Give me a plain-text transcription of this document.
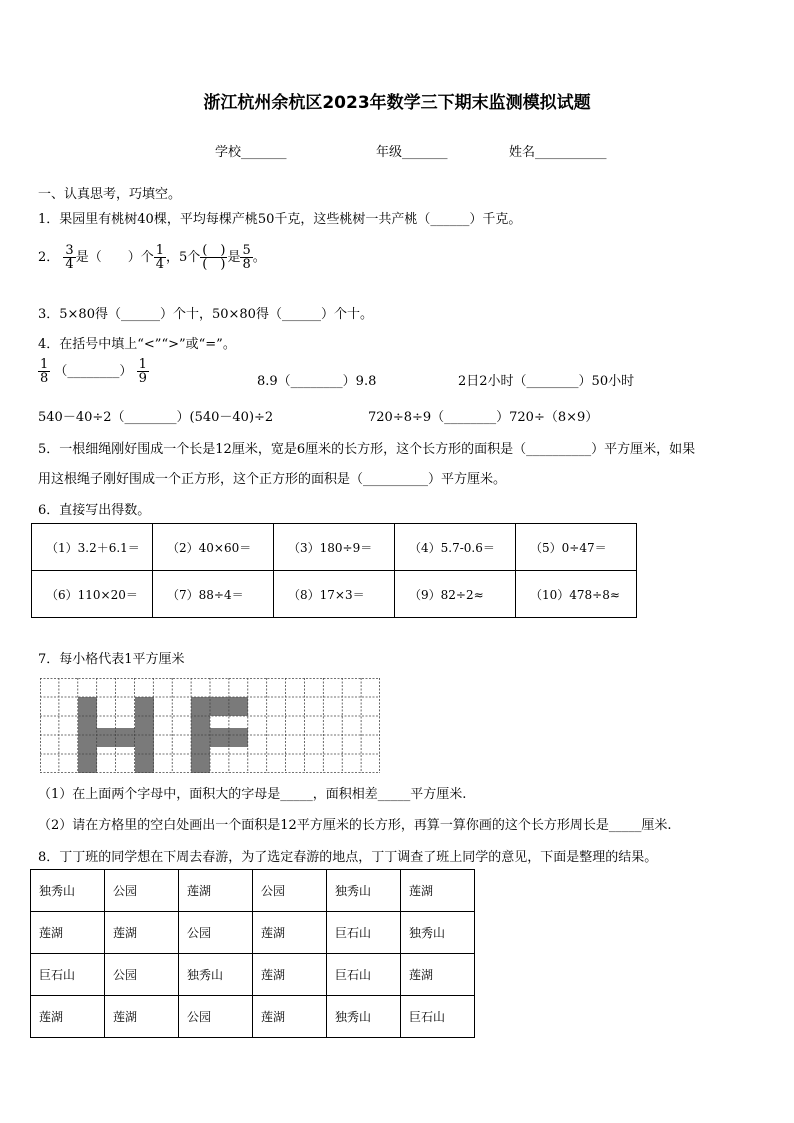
浙江杭州余杭区2023年数学三下期末监测模拟试题
学校_______	年级_______	姓名___________
一、认真思考，巧填空。
1．果园里有桃树40棵，平均每棵产桃50千克，这些桃树一共产桃（______）千克。
2． $\frac{3}{4}$ 是（　　）个 $\frac{1}{4}$ ，5个 $\frac{( )}{( )}$ 是 $\frac{5}{8}$ 。
3．5×80得（______）个十，50×80得（______）个十。
4．在括号中填上“<”“>”或“=”。
$\frac{1}{8}$ （________） $\frac{1}{9}$	8.9（________）9.8	2日2小时（________）50小时
540－40÷2（________）(540－40)÷2	720÷8÷9（________）720÷（8×9）
5．一根细绳刚好围成一个长是12厘米，宽是6厘米的长方形，这个长方形的面积是（__________）平方厘米，如果
用这根绳子刚好围成一个正方形，这个正方形的面积是（__________）平方厘米。
6．直接写出得数。
（1）3.2＋6.1＝	（2）40×60＝	（3）180÷9＝	（4）5.7-0.6＝	（5）0÷47＝
（6）110×20＝	（7）88÷4＝	（8）17×3＝	（9）82÷2≈	（10）478÷8≈
7．每小格代表1平方厘米
（1）在上面两个字母中，面积大的字母是_____，面积相差_____平方厘米.
（2）请在方格里的空白处画出一个面积是12平方厘米的长方形，再算一算你画的这个长方形周长是_____厘米.
8．丁丁班的同学想在下周去春游，为了选定春游的地点，丁丁调查了班上同学的意见，下面是整理的结果。
独秀山	公园	莲湖	公园	独秀山	莲湖
莲湖	莲湖	公园	莲湖	巨石山	独秀山
巨石山	公园	独秀山	莲湖	巨石山	莲湖
莲湖	莲湖	公园	莲湖	独秀山	巨石山
